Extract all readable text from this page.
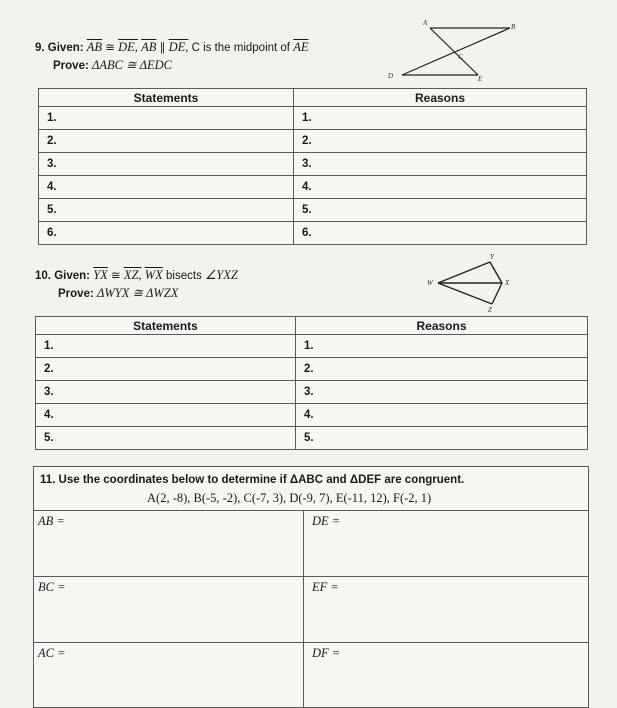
9. Given: $\overline{AB}$ ≅ DE, $\overline{AB}$ ∥ DE, C is the midpoint of $\overline{AE}$
Prove: ΔABC ≅ ΔEDC
A	B
C
D	E
Statements	Reasons
1.	1.
2.	2.
3.	3.
4.	4.
5.	5.
6.	6.
10. Given: $\overline{YX}$ ≅ XZ, $\overline{WX}$ bisects ∠YXZ
Prove: ΔWYX ≅ ΔWZX
W	X
Y
Z
Statements	Reasons
1.	1.
2.	2.
3.	3.
4.	4.
5.	5.
11. Use the coordinates below to determine if ΔABC and ΔDEF are congruent.
A(2, -8), B(-5, -2), C(-7, 3), D(-9, 7), E(-11, 12), F(-2, 1)
AB =	DE =
BC =	EF =
AC =	DF =
